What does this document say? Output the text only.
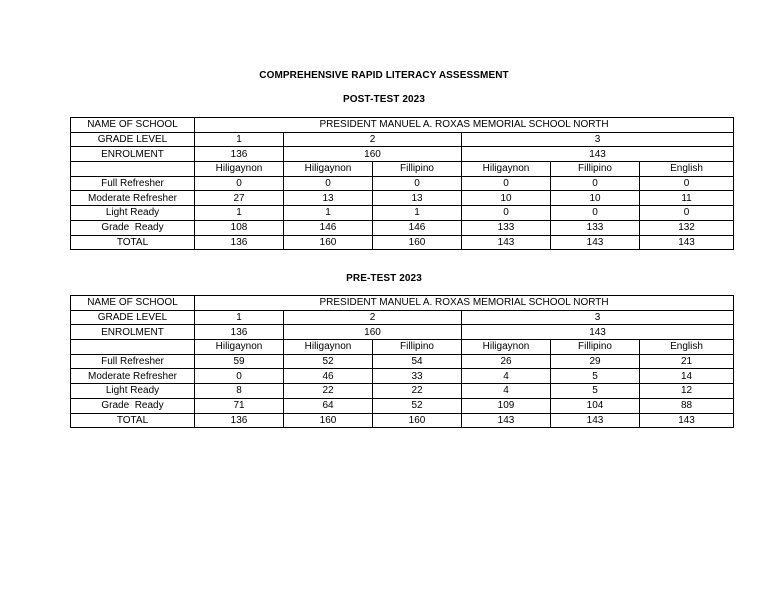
COMPREHENSIVE RAPID LITERACY ASSESSMENT
POST-TEST 2023
NAME OF SCHOOL	PRESIDENT MANUEL A. ROXAS MEMORIAL SCHOOL NORTH					
GRADE LEVEL	1	2		3		
ENROLMENT	136	160		143		
	Hiligaynon	Hiligaynon	Fillipino	Hiligaynon	Fillipino	English
Full Refresher	0	0	0	0	0	0
Moderate Refresher	27	13	13	10	10	11
Light Ready	1	1	1	0	0	0
Grade  Ready	108	146	146	133	133	132
TOTAL	136	160	160	143	143	143
PRE-TEST 2023
NAME OF SCHOOL	PRESIDENT MANUEL A. ROXAS MEMORIAL SCHOOL NORTH					
GRADE LEVEL	1	2		3		
ENROLMENT	136	160		143		
	Hiligaynon	Hiligaynon	Fillipino	Hiligaynon	Fillipino	English
Full Refresher	59	52	54	26	29	21
Moderate Refresher	0	46	33	4	5	14
Light Ready	8	22	22	4	5	12
Grade  Ready	71	64	52	109	104	88
TOTAL	136	160	160	143	143	143
